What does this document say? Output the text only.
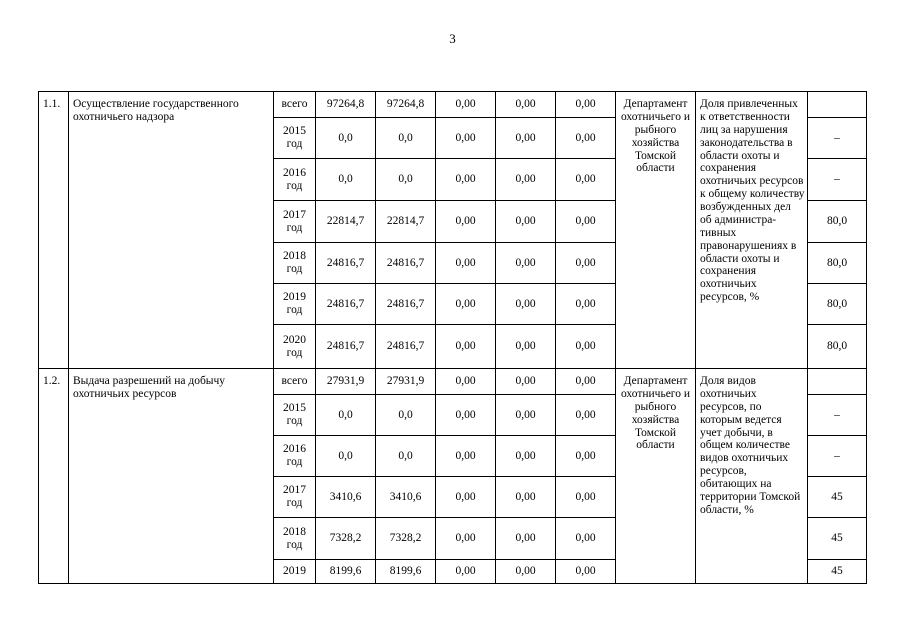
3
1.1.	Осуществление государственного охотничьего надзора	всего	97264,8	97264,8	0,00	0,00	0,00	Департамент охотничьего и рыбного хозяйства Томской области	Доля привлеченных к ответственности лиц за нарушения законодательства в области охоты и сохранения охотничьих ресурсов к общему количеству возбужденных дел об администра-тивных правонарушениях в области охоты и сохранения охотничьих ресурсов, %	
		2015 год	0,0	0,0	0,00	0,00	0,00			–
		2016 год	0,0	0,0	0,00	0,00	0,00			–
		2017 год	22814,7	22814,7	0,00	0,00	0,00			80,0
		2018 год	24816,7	24816,7	0,00	0,00	0,00			80,0
		2019 год	24816,7	24816,7	0,00	0,00	0,00			80,0
		2020 год	24816,7	24816,7	0,00	0,00	0,00			80,0
1.2.	Выдача разрешений на добычу охотничьих ресурсов	всего	27931,9	27931,9	0,00	0,00	0,00	Департамент охотничьего и рыбного хозяйства Томской области	Доля видов охотничьих ресурсов, по которым ведется учет добычи, в общем количестве видов охотничьих ресурсов, обитающих на территории Томской области, %	
		2015 год	0,0	0,0	0,00	0,00	0,00			–
		2016 год	0,0	0,0	0,00	0,00	0,00			–
		2017 год	3410,6	3410,6	0,00	0,00	0,00			45
		2018 год	7328,2	7328,2	0,00	0,00	0,00			45
		2019	8199,6	8199,6	0,00	0,00	0,00			45
